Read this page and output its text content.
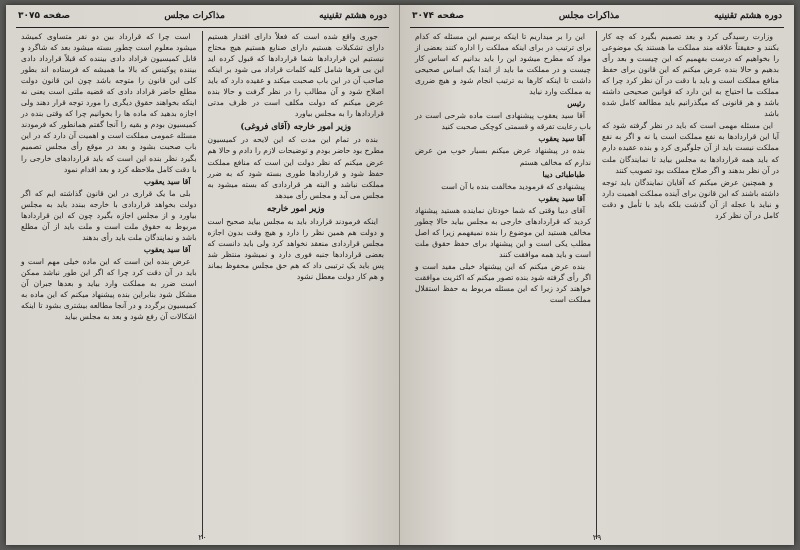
دوره هشتم تقنینیه
مذاکرات مجلس
صفحه ۳۰۷۵

جوری واقع شده است که فعلاً دارای اقتدار هستیم دارای تشکیلات هستیم دارای صنایع هستیم هیچ محتاج نیستیم این قراردادها شما قراردادها که قبول کرده اید این بی فرها شامل کلیه کلمات قراداد می شود بر اینکه صاحب آن در این باب صحبت میکند و عقیده دارد که باید اصلاح شود و آن مطالب را در نظر گرفت و حالا بنده عرض میکنم که دولت مکلف است در ظرف مدتی قراردادها را به مجلس بیاورد

وزیر امور خارجه (آقای فروغی)

بنده در تمام این مدت که این لایحه در کمیسیون مطرح بود حاضر بودم و توضیحات لازم را دادم و حالا هم عرض میکنم که نظر دولت این است که منافع مملکت حفظ شود و قراردادها طوری بسته شود که به ضرر مملکت نباشد و البته هر قراردادی که بسته میشود به مجلس می آید و مجلس رأی میدهد

وزیر امور خارجه

اینکه فرمودند قرارداد باید به مجلس بیاید صحیح است و دولت هم همین نظر را دارد و هیچ وقت بدون اجازه مجلس قراردادی منعقد نخواهد کرد ولی باید دانست که بعضی قراردادها جنبه فوری دارد و نمیشود منتظر شد پس باید یک ترتیبی داد که هم حق مجلس محفوظ بماند و هم کار دولت معطل نشود

است چرا که قرارداد بین دو نفر متساوی کمیشد میشود معلوم است چطور بسته میشود بعد که شاگرد و قابل کمیسیون قراداد دادی بیننده که قبلاً قرارداد دادی بیننده پوکینس که بالا ما همیشه که فرستاده اند بطور کلی این قانون را متوجه باشد چون این قانون دولت مطلع حاضر قراداد دادی که قضیه ملتی است یعنی نه اینکه بخواهند حقوق دیگری را مورد توجه قرار دهند ولی اجازه بدهید که ماده ها را بخوانیم چرا که وقتی بنده در کمیسیون بودم و بقیه را آنجا گفتم همانطور که فرمودند مسئله عمومی مملکت است و اهمیت آن دارد که در این باب صحبت بشود و بعد در موقع رأی مجلس تصمیم بگیرد نظر بنده این است که باید قراردادهای خارجی را با دقت کامل ملاحظه کرد و بعد اقدام نمود

آقا سید یعقوب

بلی ما یک قراری در این قانون گذاشته ایم که اگر دولت بخواهد قراردادی با خارجه ببندد باید به مجلس بیاورد و از مجلس اجازه بگیرد چون که این قراردادها مربوط به حقوق ملت است و ملت باید از آن مطلع باشد و نمایندگان ملت باید رأی بدهند

آقا سید یعقوب

عرض بنده این است که این ماده خیلی مهم است و باید در آن دقت کرد چرا که اگر این طور نباشد ممکن است ضرر به مملکت وارد بیاید و بعدها جبران آن مشکل شود بنابراین بنده پیشنهاد میکنم که این ماده به کمیسیون برگردد و در آنجا مطالعه بیشتری بشود تا اینکه اشکالات آن رفع شود و بعد به مجلس بیاید

۲۰
دوره هشتم تقنینیه
مذاکرات مجلس
صفحه ۳۰۷۴

وزارت رسیدگی کرد و بعد تصمیم بگیرد که چه کار بکنند و حقیقتاً علاقه مند مملکت ما هستند یک موضوعی را بخواهیم که درست بفهمیم که این چیست و بعد رأی بدهیم و حالا بنده عرض میکنم که این قانون برای حفظ منافع مملکت است و باید با دقت در آن نظر کرد چرا که مملکت ما احتیاج به این دارد که قوانین صحیحی داشته باشد و هر قانونی که میگذرانیم باید مطالعه کامل شده باشد

این مسئله مهمی است که باید در نظر گرفته شود که آیا این قراردادها به نفع مملکت است یا نه و اگر به نفع مملکت نیست باید از آن جلوگیری کرد و بنده عقیده دارم که باید همه قراردادها به مجلس بیاید تا نمایندگان ملت در آن نظر بدهند و اگر صلاح مملکت بود تصویب کنند

و همچنین عرض میکنم که آقایان نمایندگان باید توجه داشته باشند که این قانون برای آینده مملکت اهمیت دارد و نباید با عجله از آن گذشت بلکه باید با تأمل و دقت کامل در آن نظر کرد

این را بر میداریم تا اینکه برسیم این مسئله که کدام برای ترتیب در برای اینکه مملکت را اداره کنند بعضی از مواد که مطرح میشود این را باید بدانیم که اساس کار چیست و در مملکت ما باید از ابتدا یک اساس صحیحی داشت تا اینکه کارها به ترتیب انجام شود و هیچ ضرری به مملکت وارد نیاید

رئیس

آقا سید یعقوب پیشنهادی است ماده شرحی است در باب رعایت تفرقه و قسمتی کوچکی صحبت کنید

آقا سید یعقوب

بنده در پیشنهاد عرض میکنم بسیار خوب من عرض ندارم که مخالف هستم

طباطبائی دیبا

پیشنهادی که فرمودید مخالفت بنده با آن است

آقا سید یعقوب

آقای دیبا وقتی که شما خودتان نماینده هستید پیشنهاد کردید که قراردادهای خارجی به مجلس بیاید حالا چطور مخالف هستید این موضوع را بنده نمیفهمم زیرا که اصل مطلب یکی است و این پیشنهاد برای حفظ حقوق ملت است و باید همه موافقت کنند

بنده عرض میکنم که این پیشنهاد خیلی مفید است و اگر رأی گرفته شود بنده تصور میکنم که اکثریت موافقت خواهند کرد زیرا که این مسئله مربوط به حفظ استقلال مملکت است

۲۹
